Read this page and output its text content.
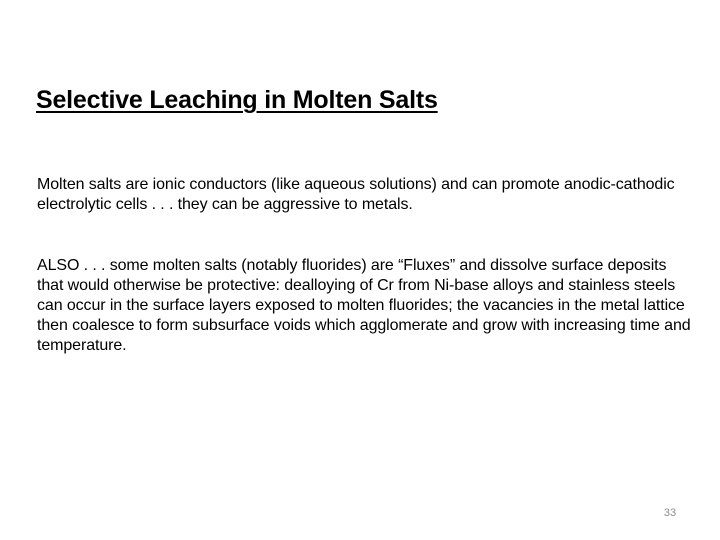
Selective Leaching in Molten Salts

Molten salts are ionic conductors (like aqueous solutions) and can promote anodic-cathodic electrolytic cells . . . they can be aggressive to metals.

ALSO . . . some molten salts (notably fluorides) are “Fluxes” and dissolve surface deposits that would otherwise be protective: dealloying of Cr from Ni-base alloys and stainless steels can occur in the surface layers exposed to molten fluorides; the vacancies in the metal lattice then coalesce to form subsurface voids which agglomerate and grow with increasing time and temperature.

33
